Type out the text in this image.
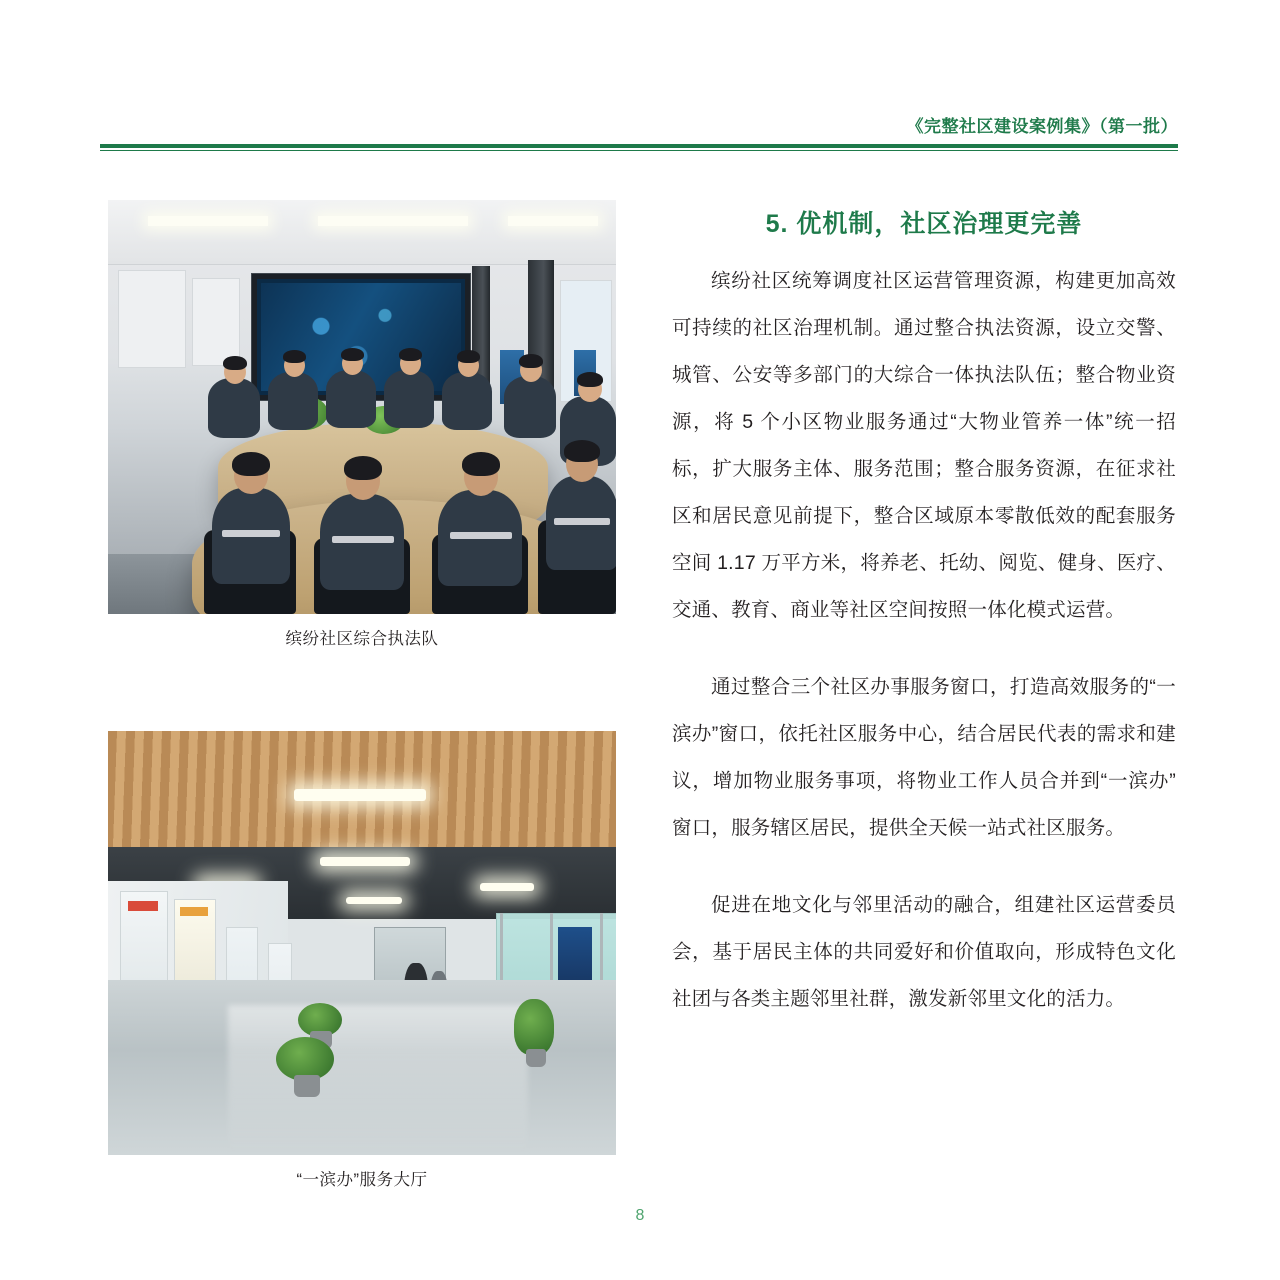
《完整社区建设案例集》（第一批）
缤纷社区综合执法队
“一滨办”服务大厅
5. 优机制，社区治理更完善

缤纷社区统筹调度社区运营管理资源，构建更加高效可持续的社区治理机制。通过整合执法资源，设立交警、城管、公安等多部门的大综合一体执法队伍；整合物业资源，将 5 个小区物业服务通过“大物业管养一体”统一招标，扩大服务主体、服务范围；整合服务资源，在征求社区和居民意见前提下，整合区域原本零散低效的配套服务空间 1.17 万平方米，将养老、托幼、阅览、健身、医疗、交通、教育、商业等社区空间按照一体化模式运营。

通过整合三个社区办事服务窗口，打造高效服务的“一滨办”窗口，依托社区服务中心，结合居民代表的需求和建议，增加物业服务事项，将物业工作人员合并到“一滨办”窗口，服务辖区居民，提供全天候一站式社区服务。

促进在地文化与邻里活动的融合，组建社区运营委员会，基于居民主体的共同爱好和价值取向，形成特色文化社团与各类主题邻里社群，激发新邻里文化的活力。

8
